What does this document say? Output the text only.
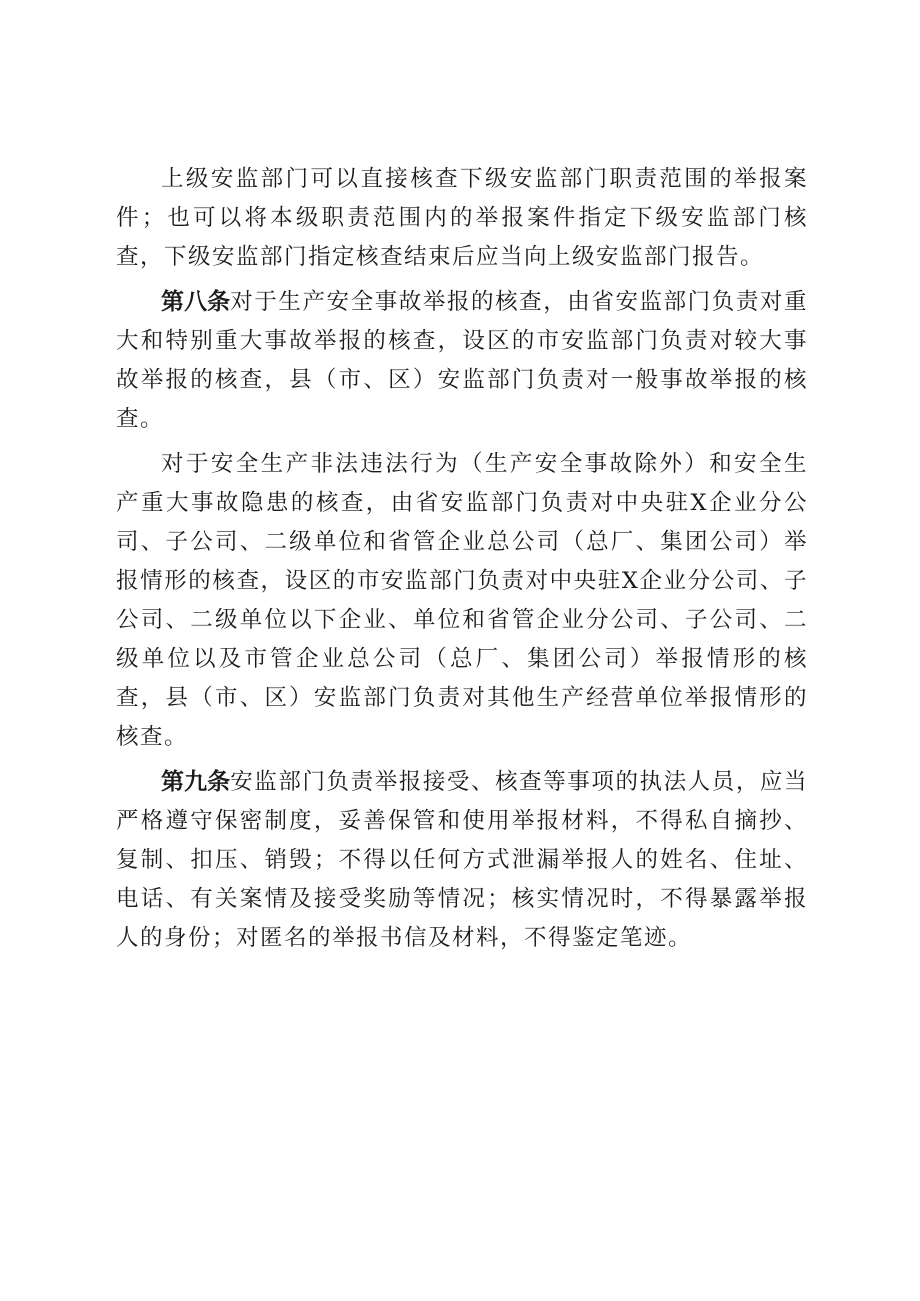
上级安监部门可以直接核查下级安监部门职责范围的举报案件；也可以将本级职责范围内的举报案件指定下级安监部门核查，下级安监部门指定核查结束后应当向上级安监部门报告。

第八条对于生产安全事故举报的核查，由省安监部门负责对重大和特别重大事故举报的核查，设区的市安监部门负责对较大事故举报的核查，县（市、区）安监部门负责对一般事故举报的核查。

对于安全生产非法违法行为（生产安全事故除外）和安全生产重大事故隐患的核查，由省安监部门负责对中央驻X企业分公司、子公司、二级单位和省管企业总公司（总厂、集团公司）举报情形的核查，设区的市安监部门负责对中央驻X企业分公司、子公司、二级单位以下企业、单位和省管企业分公司、子公司、二级单位以及市管企业总公司（总厂、集团公司）举报情形的核查，县（市、区）安监部门负责对其他生产经营单位举报情形的核查。

第九条安监部门负责举报接受、核查等事项的执法人员，应当严格遵守保密制度，妥善保管和使用举报材料，不得私自摘抄、复制、扣压、销毁；不得以任何方式泄漏举报人的姓名、住址、电话、有关案情及接受奖励等情况；核实情况时，不得暴露举报人的身份；对匿名的举报书信及材料，不得鉴定笔迹。
